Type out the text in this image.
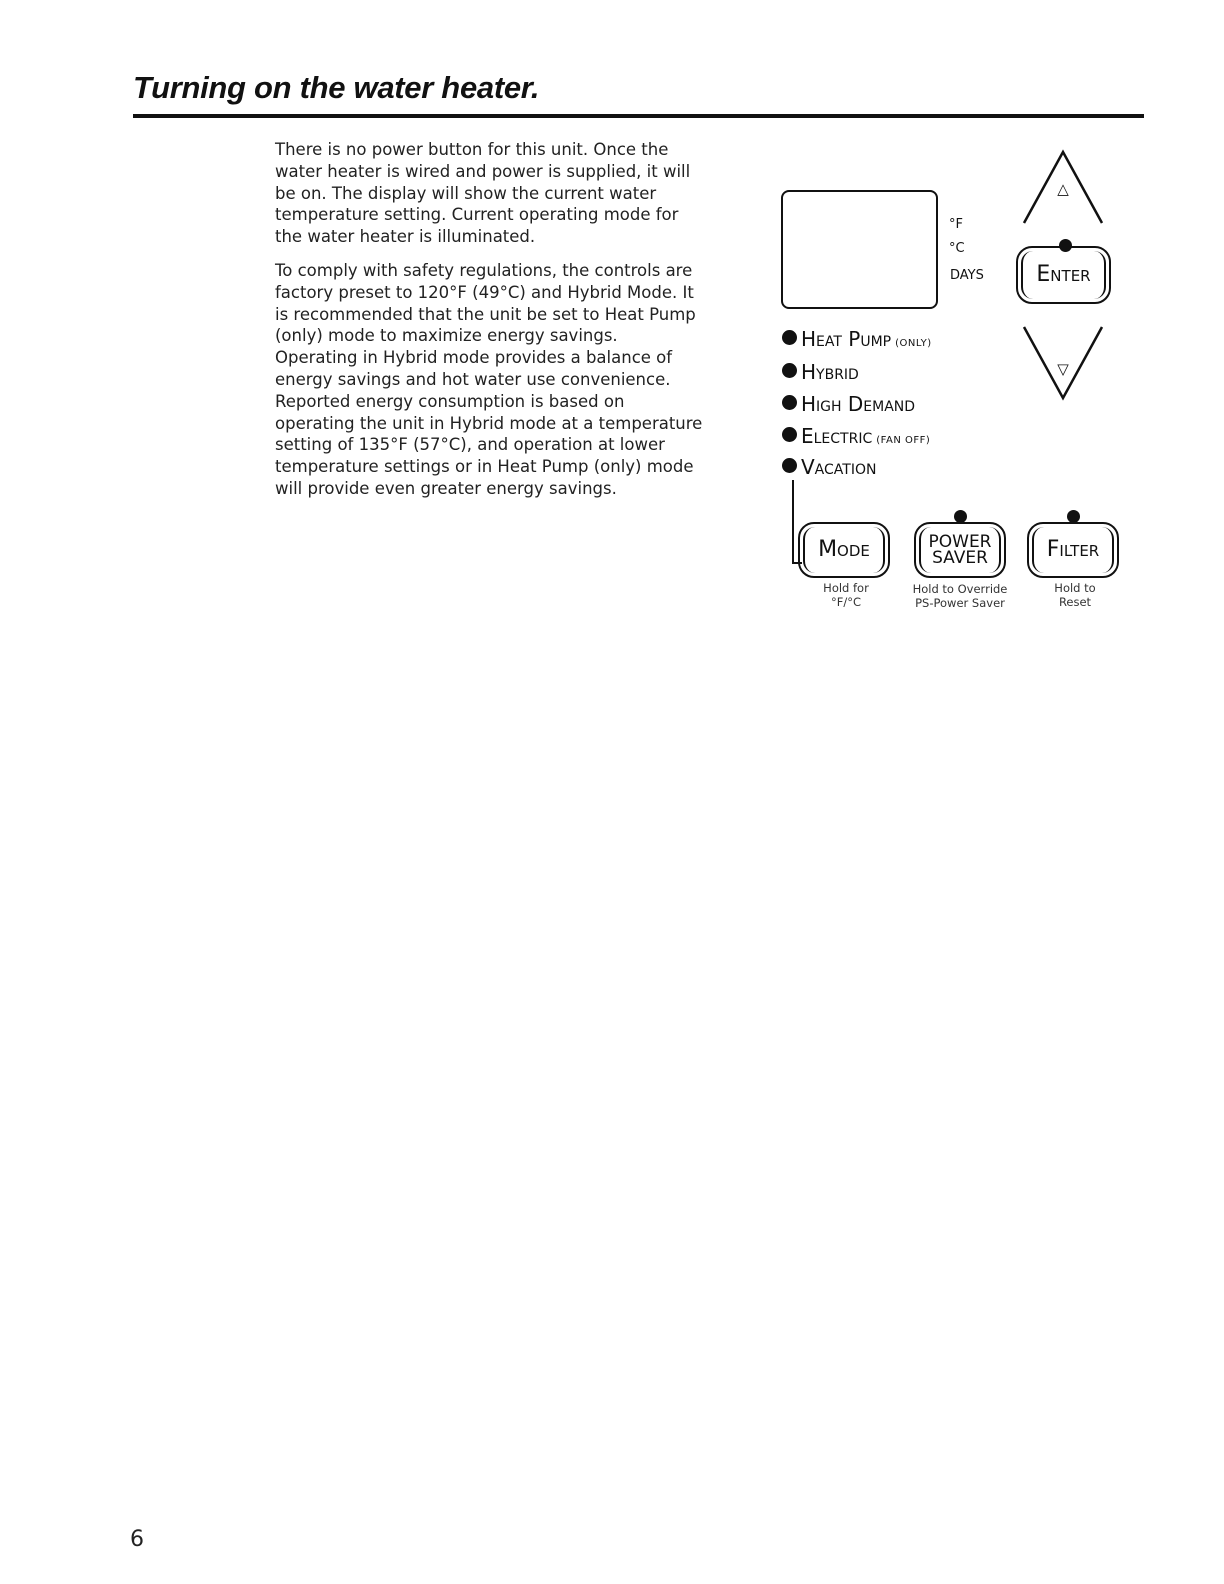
Turning on the water heater.

There is no power button for this unit. Once the water heater is wired and power is supplied, it will be on. The display will show the current water temperature setting. Current operating mode for the water heater is illuminated.

To comply with safety regulations, the controls are factory preset to 120°F (49°C) and Hybrid Mode. It is recommended that the unit be set to Heat Pump (only) mode to maximize energy savings. Operating in Hybrid mode provides a balance of energy savings and hot water use convenience. Reported energy consumption is based on operating the unit in Hybrid mode at a temperature setting of 135°F (57°C), and operation at lower temperature settings or in Heat Pump (only) mode will provide even greater energy savings.

°F
°C
DAYS
△
Enter
▽
Heat Pump (ONLY)
Hybrid
High Demand
Electric (FAN OFF)
Vacation
Mode
Hold for
°F/°C
POWER
SAVER
Hold to Override
PS-Power Saver
Filter
Hold to
Reset
6
